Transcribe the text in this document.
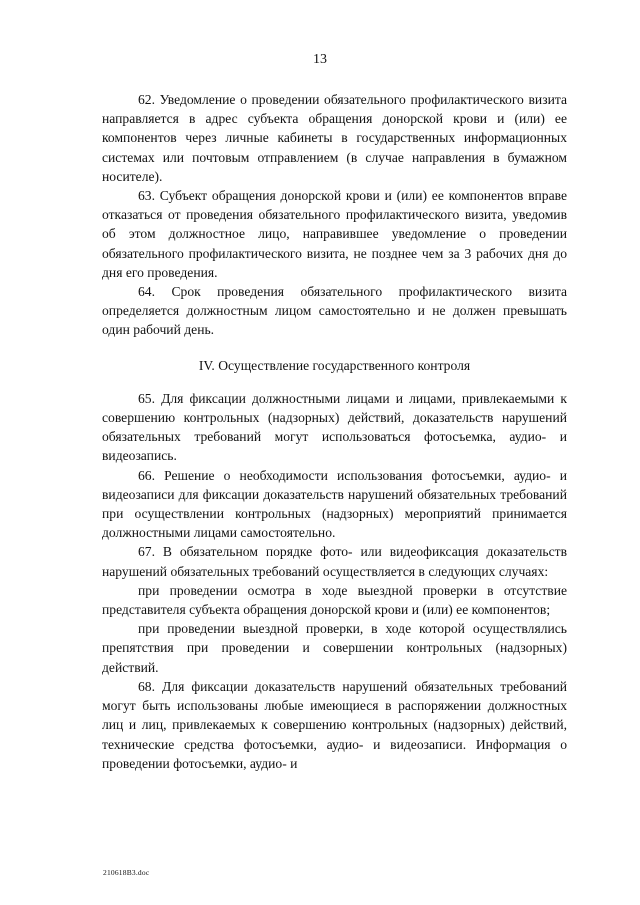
13

62. Уведомление о проведении обязательного профилактического визита направляется в адрес субъекта обращения донорской крови и (или) ее компонентов через личные кабинеты в государственных информационных системах или почтовым отправлением (в случае направления в бумажном носителе).

63. Субъект обращения донорской крови и (или) ее компонентов вправе отказаться от проведения обязательного профилактического визита, уведомив об этом должностное лицо, направившее уведомление о проведении обязательного профилактического визита, не позднее чем за 3 рабочих дня до дня его проведения.

64. Срок проведения обязательного профилактического визита определяется должностным лицом самостоятельно и не должен превышать один рабочий день.

IV. Осуществление государственного контроля

65. Для фиксации должностными лицами и лицами, привлекаемыми к совершению контрольных (надзорных) действий, доказательств нарушений обязательных требований могут использоваться фотосъемка, аудио- и видеозапись.

66. Решение о необходимости использования фотосъемки, аудио- и видеозаписи для фиксации доказательств нарушений обязательных требований при осуществлении контрольных (надзорных) мероприятий принимается должностными лицами самостоятельно.

67. В обязательном порядке фото- или видеофиксация доказательств нарушений обязательных требований осуществляется в следующих случаях:

при проведении осмотра в ходе выездной проверки в отсутствие представителя субъекта обращения донорской крови и (или) ее компонентов;

при проведении выездной проверки, в ходе которой осуществлялись препятствия при проведении и совершении контрольных (надзорных) действий.

68. Для фиксации доказательств нарушений обязательных требований могут быть использованы любые имеющиеся в распоряжении должностных лиц и лиц, привлекаемых к совершению контрольных (надзорных) действий, технические средства фотосъемки, аудио- и видеозаписи. Информация о проведении фотосъемки, аудио- и

210618B3.doc
